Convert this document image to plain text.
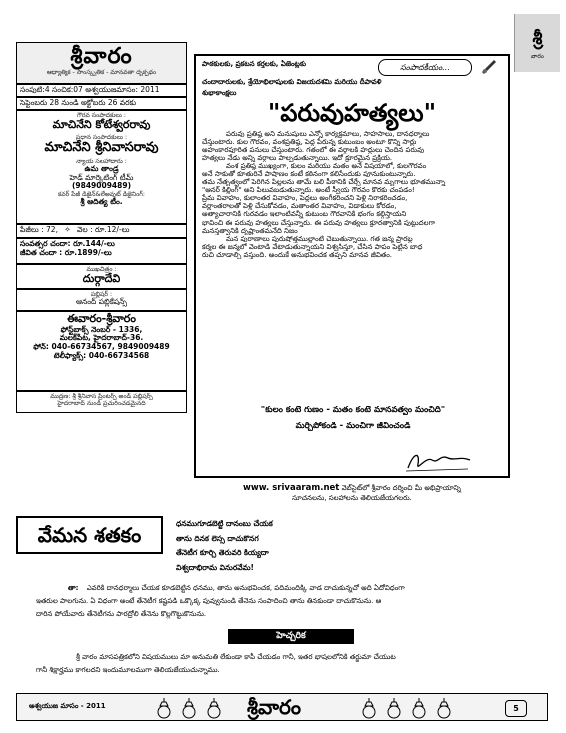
శ్రీ
వారం
శ్రీవారం
ఆధ్యాత్మిక - సాంస్కృతిక - మానవతా దృక్పథం
సంపుటి:4 సంచిక:07 అశ్వయుజమాసం: 2011
సెప్టెంబరు 28 నుండి అక్టోబరు 26 వరకు
గౌరవ సంపాదకులు :
మాచినేని కోటేశ్వరరావు
ప్రధాన సంపాదకులు :
మాచినేని శ్రీనివాసరావు
న్యాయ సలహాదారు :
ఉమ తాండ్ర
హెడ్ మార్కెటింగ్ టీమ్
(9849009489)
కవర్ పేజీ డిజైన్&లేఅవుట్ డిజైనింగ్:
శ్రీ ఆదిత్య టీం.
పేజీలు : 72, ✧ వెల : రూ.12/-లు
సంవత్సర చందా: రూ.144/-లు
జీవిత చందా : రూ.1899/-లు
ముఖచిత్రం :
దుర్గాదేవి
పబ్లిషర్ :
ఆనంద్ పబ్లికేషన్స్
ఈవారం-శ్రీవారం
ఫోస్ట్‌బాక్స్ నెంబర్ - 1336,
మలక్‌పేట, హైదరాబాద్-36.
ఫోన్: 040-66734567, 9849009489
టెలీఫ్యాక్స్: 040-66734568
ముద్రణ: శ్రీ శ్రీనివాస ప్రింటర్స్ అండ్ పబ్లిషర్స్
హైదరాబాద్ నుండి ప్రచురించడమైనది
పాఠకులకు, ప్రకటన కర్తలకు, ఏజెంట్లకు	సంపాదకీయం...
చందాదారులకు, శ్రేయోభిలాషులకు విజయదశమి మరియు దీపావళి
శుభాకాంక్షలు
"పరువుహత్యలు"
పరువు ప్రతిష్ఠ అని మనుషులు ఎన్నో కార్యక్రమాలు, సాహసాలు, దానధర్మాలు
చేస్తుంటారు. కుల గౌరవం, వంశప్రతిష్ఠ, పెద్ద పేరున్న కుటుంబం అంటూ కొన్ని సార్లు
అహంకారపూరిత పనులు చేస్తుంటారు. గతంలో ఈ వర్గాలకి హద్దులు చెందిన పరువు
హత్యలు నేడు అన్ని వర్గాలు పాల్పడుతున్నాయి. ఇదో క్రూరమైన ప్రక్రియ.
వంశ ప్రతిష్ఠ ముఖ్యంగా, కులం మరియు మతం అనే విషయాలో, కులగౌరవం
అనే సాకుతో కూతురినే పాషాణం కంటే కఠినంగా కలిసేందుకు పూనుకుంటున్నారు.
తమ నేతృత్వంలో పెరిగిన పిల్లలను తామే బలి పీఠానికి చేర్చే మానవ మృగాలు భూతమున్నా
"ఆనర్ కిల్లింగ్" అని పిలువబడుతున్నారు. అంటే స్వీయ గౌరవం కొరకు చంపడం!
ప్రేమ వివాహం, కులాంతర వివాహం, పెద్దలు అంగీకరించని పెళ్లి నిరాకరించడం,
వర్ణాంతరాలతో పెళ్లి చేసుకోవడం, మతాంతర వివాహం, విడాకులు కోరడం,
అత్యాచారానికి గురవడం ఇలాంటివన్నీ కుటుంబ గౌరవానికి భంగం కల్గిస్తాయని
భావించి ఈ పరువు హత్యలు చేస్తున్నారు. ఈ పరువు హత్యలు క్రూరత్వానికి పుట్టుదలగా
మనస్తత్వానికి దృష్టాంతమనేది నిజం
మన పురాణాలు పురుషోత్తముల్లాంటి చెబుతున్నాయి. గత జన్మ ప్రారబ్ధ
కర్మల ఈ జన్మలో వెంటాడి వేటాడుతున్నాయని విశ్వసిస్తూ, చేసిన పాపం పెట్టిన బాధ
రుచి చూడాల్సి వస్తుంది. అందుకే అనుభవించక తప్పని మానవ జీవితం.
"కులం కంటే గుణం - మతం కంటే మానవత్వం మంచిది"
మర్చిపోకండి - మంచిగా జీవించండి
www. srivaaram.net వెబ్‌సైట్‌లో శ్రీవారం దర్శించి మీ అభిప్రాయాన్ని
సూచనలను, సలహాలను తెలియజేయగలరు.
వేమన శతకం	ధనముగూడబెట్టి దానంబు చేయక
తాను దినక లెస్స దాచుకొనగ
తేనెటీగ కూర్చి తెరువరి కియ్యదా
విశ్వదాభిరామ వినురవేమ!
తా: ఎవరికి దానధర్మాలు చేయక కూడబెట్టిన ధనము, తాను అనుభవించక, పదిమందిక్కి వాడ దాచుకున్నచో అది ఏదోవిధంగా
ఇతరుల పాలగును. ఏ విధంగా అంటే తేనెటీగ కష్టపడి ఒక్కొక్క పువ్వునుండి తేనెను సంపాదించి తాను తినకుండా దాచుకొనును. ఆ
దారిన పోయేవారు తేనెటీగను పారద్రోలి తేనెను కొల్లగొట్టుకొనును.
హెచ్చరిక
శ్రీ వారం మాసపత్రికలోని విషయములు మా అనుమతి లేకుండా కాపీ చేయడం గానీ, ఇతర భాషలలోనికి తర్జుమా చేయుట
గానీ శిక్షార్హము కాగలదని ఇందుమూలముగా తెలియజేయుచున్నాము.
అశ్వయుజ మాసం - 2011	శ్రీవారం	5
